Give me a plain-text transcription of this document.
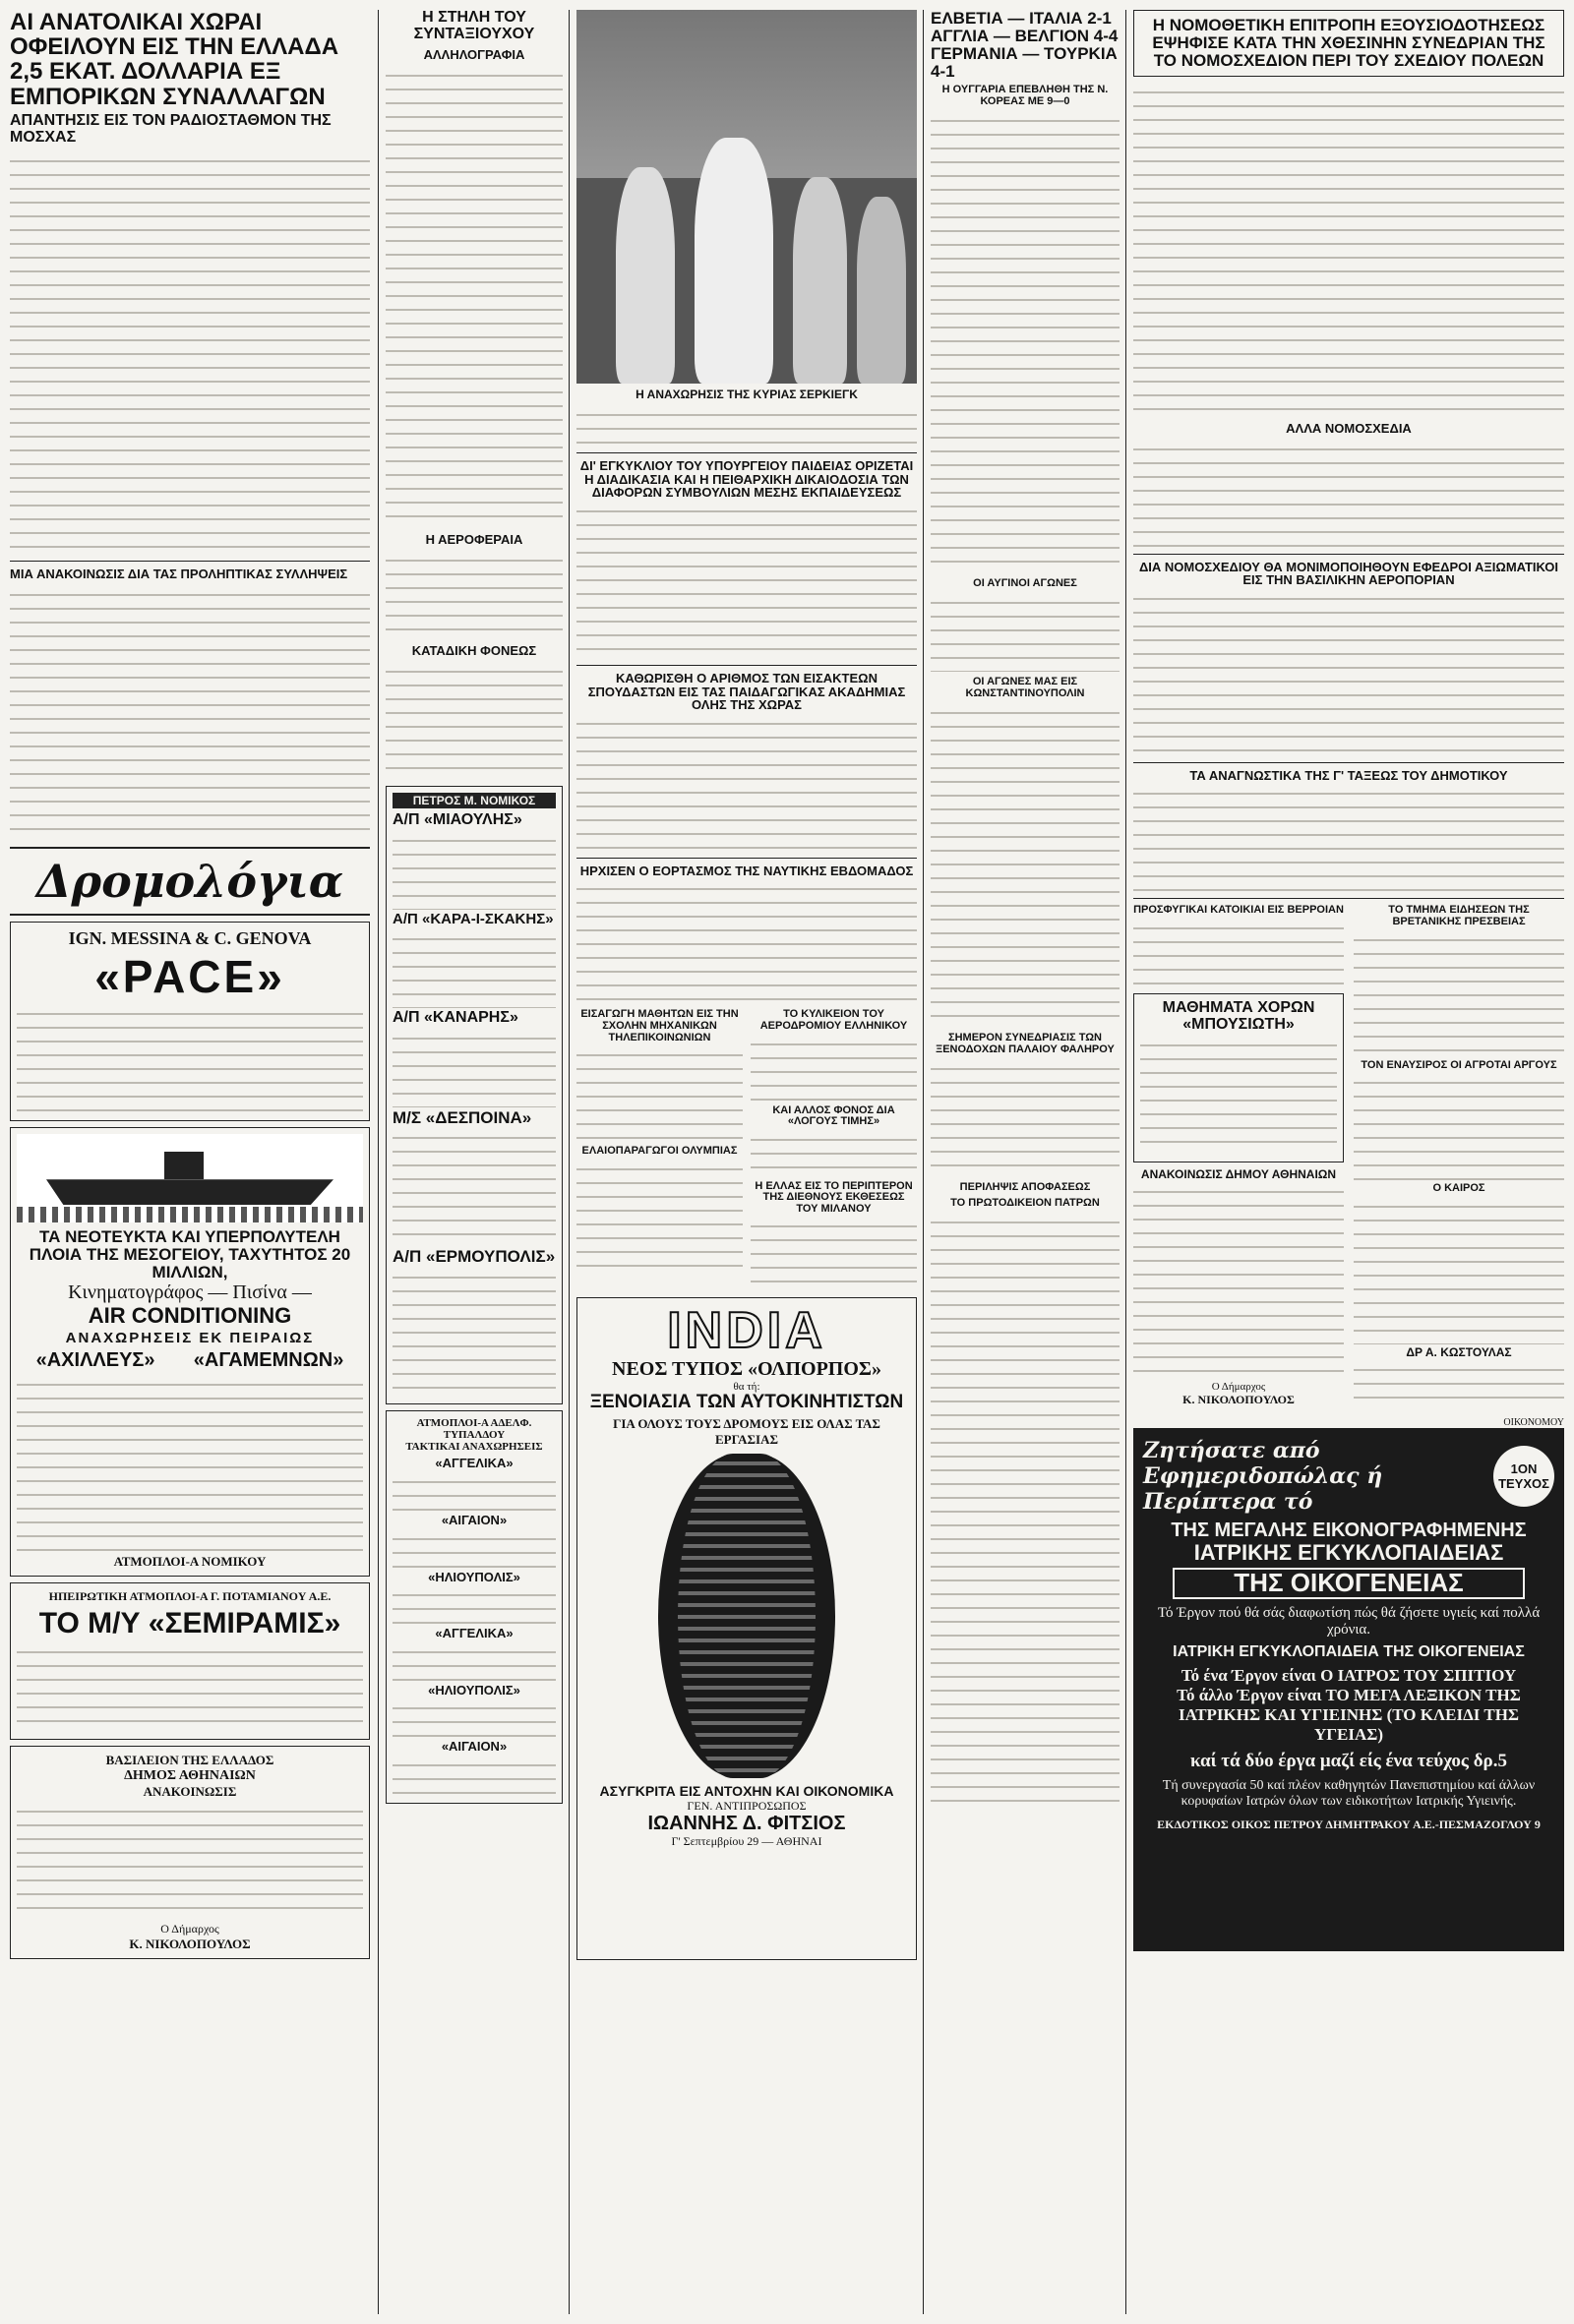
ΑΙ ΑΝΑΤΟΛΙΚΑΙ ΧΩΡΑΙ ΟΦΕΙΛΟΥΝ ΕΙΣ ΤΗΝ ΕΛΛΑΔΑ 2,5 ΕΚΑΤ. ΔΟΛΛΑΡΙΑ ΕΞ ΕΜΠΟΡΙΚΩΝ ΣΥΝΑΛΛΑΓΩΝ
ΑΠΑΝΤΗΣΙΣ ΕΙΣ ΤΟΝ ΡΑΔΙΟΣΤΑΘΜΟΝ ΤΗΣ ΜΟΣΧΑΣ
ΜΙΑ ΑΝΑΚΟΙΝΩΣΙΣ ΔΙΑ ΤΑΣ ΠΡΟΛΗΠΤΙΚΑΣ ΣΥΛΛΗΨΕΙΣ
Δρομολόγια
IGN. MESSINA & C. GENOVA
«PACE»
ΤΑ ΝΕΟΤΕΥΚΤΑ ΚΑΙ ΥΠΕΡΠΟΛΥΤΕΛΗ ΠΛΟΙΑ ΤΗΣ ΜΕΣΟΓΕΙΟΥ, ΤΑΧΥΤΗΤΟΣ 20 ΜΙΛΛΙΩΝ,
Κινηματογράφος — Πισίνα —
AIR CONDITIONING
ΑΝΑΧΩΡΗΣΕΙΣ ΕΚ ΠΕΙΡΑΙΩΣ
«ΑΧΙΛΛΕΥΣ» «ΑΓΑΜΕΜΝΩΝ»
ΑΤΜΟΠΛΟΙ-Α ΝΟΜΙΚΟΥ
ΗΠΕΙΡΩΤΙΚΗ ΑΤΜΟΠΛΟΙ-Α Γ. ΠΟΤΑΜΙΑΝΟΥ Α.Ε.
ΤΟ Μ/Υ «ΣΕΜΙΡΑΜΙΣ»
ΒΑΣΙΛΕΙΟΝ ΤΗΣ ΕΛΛΑΔΟΣ
ΔΗΜΟΣ ΑΘΗΝΑΙΩΝ
ΑΝΑΚΟΙΝΩΣΙΣ
Ο Δήμαρχος
Κ. ΝΙΚΟΛΟΠΟΥΛΟΣ
Η ΣΤΗΛΗ ΤΟΥ ΣΥΝΤΑΞΙΟΥΧΟΥ
ΑΛΛΗΛΟΓΡΑΦΙΑ
Η ΑΕΡΟΦΕΡΑΙΑ
ΚΑΤΑΔΙΚΗ ΦΟΝΕΩΣ
ΠΕΤΡΟΣ Μ. ΝΟΜΙΚΟΣ
Α/Π «ΜΙΑΟΥΛΗΣ»
Α/Π «ΚΑΡΑ-Ι-ΣΚΑΚΗΣ»
Α/Π «ΚΑΝΑΡΗΣ»
Μ/Σ «ΔΕΣΠΟΙΝΑ»
Α/Π «ΕΡΜΟΥΠΟΛΙΣ»
ΑΤΜΟΠΛΟΙ-Α ΑΔΕΛΦ. ΤΥΠΑΛΔΟΥ
ΤΑΚΤΙΚΑΙ ΑΝΑΧΩΡΗΣΕΙΣ
«ΑΓΓΕΛΙΚΑ»
«ΑΙΓΑΙΟΝ»
«ΗΛΙΟΥΠΟΛΙΣ»
«ΑΓΓΕΛΙΚΑ»
«ΗΛΙΟΥΠΟΛΙΣ»
«ΑΙΓΑΙΟΝ»
Η ΑΝΑΧΩΡΗΣΙΣ ΤΗΣ ΚΥΡΙΑΣ ΣΕΡΚΙΕΓΚ
ΔΙ' ΕΓΚΥΚΛΙΟΥ ΤΟΥ ΥΠΟΥΡΓΕΙΟΥ ΠΑΙΔΕΙΑΣ ΟΡΙΖΕΤΑΙ Η ΔΙΑΔΙΚΑΣΙΑ ΚΑΙ Η ΠΕΙΘΑΡΧΙΚΗ ΔΙΚΑΙΟΔΟΣΙΑ ΤΩΝ ΔΙΑΦΟΡΩΝ ΣΥΜΒΟΥΛΙΩΝ ΜΕΣΗΣ ΕΚΠΑΙΔΕΥΣΕΩΣ
ΚΑΘΩΡΙΣΘΗ Ο ΑΡΙΘΜΟΣ ΤΩΝ ΕΙΣΑΚΤΕΩΝ ΣΠΟΥΔΑΣΤΩΝ ΕΙΣ ΤΑΣ ΠΑΙΔΑΓΩΓΙΚΑΣ ΑΚΑΔΗΜΙΑΣ ΟΛΗΣ ΤΗΣ ΧΩΡΑΣ
ΗΡΧΙΣΕΝ Ο ΕΟΡΤΑΣΜΟΣ ΤΗΣ ΝΑΥΤΙΚΗΣ ΕΒΔΟΜΑΔΟΣ
ΕΙΣΑΓΩΓΗ ΜΑΘΗΤΩΝ ΕΙΣ ΤΗΝ ΣΧΟΛΗΝ ΜΗΧΑΝΙΚΩΝ ΤΗΛΕΠΙΚΟΙΝΩΝΙΩΝ
ΕΛΑΙΟΠΑΡΑΓΩΓΟΙ ΟΛΥΜΠΙΑΣ
ΤΟ ΚΥΛΙΚΕΙΟΝ ΤΟΥ ΑΕΡΟΔΡΟΜΙΟΥ ΕΛΛΗΝΙΚΟΥ
ΚΑΙ ΑΛΛΟΣ ΦΟΝΟΣ ΔΙΑ «ΛΟΓΟΥΣ ΤΙΜΗΣ»
Η ΕΛΛΑΣ ΕΙΣ ΤΟ ΠΕΡΙΠΤΕΡΟΝ ΤΗΣ ΔΙΕΘΝΟΥΣ ΕΚΘΕΣΕΩΣ ΤΟΥ ΜΙΛΑΝΟΥ
INDIA
ΝΕΟΣ ΤΥΠΟΣ «ΟΛΠΟΡΠΟΣ»
θα τή:
ΞΕΝΟΙΑΣΙΑ ΤΩΝ ΑΥΤΟΚΙΝΗΤΙΣΤΩΝ
ΓΙΑ ΟΛΟΥΣ ΤΟΥΣ ΔΡΟΜΟΥΣ ΕΙΣ ΟΛΑΣ ΤΑΣ ΕΡΓΑΣΙΑΣ
ΑΣΥΓΚΡΙΤΑ ΕΙΣ ΑΝΤΟΧΗΝ ΚΑΙ ΟΙΚΟΝΟΜΙΚΑ
ΓΕΝ. ΑΝΤΙΠΡΟΣΩΠΟΣ
ΙΩΑΝΝΗΣ Δ. ΦΙΤΣΙΟΣ
Γ' Σεπτεμβρίου 29 — ΑΘΗΝΑΙ
ΕΛΒΕΤΙΑ — ΙΤΑΛΙΑ 2-1
ΑΓΓΛΙΑ — ΒΕΛΓΙΟΝ 4-4
ΓΕΡΜΑΝΙΑ — ΤΟΥΡΚΙΑ 4-1
Η ΟΥΓΓΑΡΙΑ ΕΠΕΒΛΗΘΗ ΤΗΣ Ν. ΚΟΡΕΑΣ ΜΕ 9—0
ΟΙ ΑΥΓΙΝΟΙ ΑΓΩΝΕΣ
ΟΙ ΑΓΩΝΕΣ ΜΑΣ ΕΙΣ ΚΩΝΣΤΑΝΤΙΝΟΥΠΟΛΙΝ
ΣΗΜΕΡΟΝ ΣΥΝΕΔΡΙΑΣΙΣ ΤΩΝ ΞΕΝΟΔΟΧΩΝ ΠΑΛΑΙΟΥ ΦΑΛΗΡΟΥ
ΠΕΡΙΛΗΨΙΣ ΑΠΟΦΑΣΕΩΣ
ΤΟ ΠΡΩΤΟΔΙΚΕΙΟΝ ΠΑΤΡΩΝ
Η ΝΟΜΟΘΕΤΙΚΗ ΕΠΙΤΡΟΠΗ ΕΞΟΥΣΙΟΔΟΤΗΣΕΩΣ ΕΨΗΦΙΣΕ ΚΑΤΑ ΤΗΝ ΧΘΕΣΙΝΗΝ ΣΥΝΕΔΡΙΑΝ ΤΗΣ ΤΟ ΝΟΜΟΣΧΕΔΙΟΝ ΠΕΡΙ ΤΟΥ ΣΧΕΔΙΟΥ ΠΟΛΕΩΝ
ΑΛΛΑ ΝΟΜΟΣΧΕΔΙΑ
ΔΙΑ ΝΟΜΟΣΧΕΔΙΟΥ ΘΑ ΜΟΝΙΜΟΠΟΙΗΘΟΥΝ ΕΦΕΔΡΟΙ ΑΞΙΩΜΑΤΙΚΟΙ ΕΙΣ ΤΗΝ ΒΑΣΙΛΙΚΗΝ ΑΕΡΟΠΟΡΙΑΝ
ΤΑ ΑΝΑΓΝΩΣΤΙΚΑ ΤΗΣ Γ' ΤΑΞΕΩΣ ΤΟΥ ΔΗΜΟΤΙΚΟΥ
ΠΡΟΣΦΥΓΙΚΑΙ ΚΑΤΟΙΚΙΑΙ ΕΙΣ ΒΕΡΡΟΙΑΝ
ΜΑΘΗΜΑΤΑ ΧΟΡΩΝ «ΜΠΟΥΣΙΩΤΗ»
ΑΝΑΚΟΙΝΩΣΙΣ ΔΗΜΟΥ ΑΘΗΝΑΙΩΝ
Ο Δήμαρχος
Κ. ΝΙΚΟΛΟΠΟΥΛΟΣ
ΤΟ ΤΜΗΜΑ ΕΙΔΗΣΕΩΝ ΤΗΣ ΒΡΕΤΑΝΙΚΗΣ ΠΡΕΣΒΕΙΑΣ
ΤΟΝ ΕΝΑΥΣΙΡΟΣ ΟΙ ΑΓΡΟΤΑΙ ΑΡΓΟΥΣ
Ο ΚΑΙΡΟΣ
ΔΡ Α. ΚΩΣΤΟΥΛΑΣ
ΟΙΚΟΝΟΜΟΥ
Ζητήσατε από Εφημεριδοπώλας ή Περίπτερα τό
1ΟΝ ΤΕΥΧΟΣ
ΤΗΣ ΜΕΓΑΛΗΣ ΕΙΚΟΝΟΓΡΑΦΗΜΕΝΗΣ
ΙΑΤΡΙΚΗΣ ΕΓΚΥΚΛΟΠΑΙΔΕΙΑΣ
ΤΗΣ ΟΙΚΟΓΕΝΕΙΑΣ
Τό Έργον πού θά σάς διαφωτίση πώς θά ζήσετε υγιείς καί πολλά χρόνια.
ΙΑΤΡΙΚΗ ΕΓΚΥΚΛΟΠΑΙΔΕΙΑ ΤΗΣ ΟΙΚΟΓΕΝΕΙΑΣ
Τό ένα Έργον είναι Ο ΙΑΤΡΟΣ ΤΟΥ ΣΠΙΤΙΟΥ
Τό άλλο Έργον είναι ΤΟ ΜΕΓΑ ΛΕΞΙΚΟΝ ΤΗΣ ΙΑΤΡΙΚΗΣ ΚΑΙ ΥΓΙΕΙΝΗΣ (ΤΟ ΚΛΕΙΔΙ ΤΗΣ ΥΓΕΙΑΣ)
καί τά δύο έργα μαζί είς ένα τεύχος δρ.5
Τή συνεργασία 50 καί πλέον καθηγητών Πανεπιστημίου καί άλλων κορυφαίων Ιατρών όλων των ειδικοτήτων Ιατρικής Υγιεινής.
ΕΚΔΟΤΙΚΟΣ ΟΙΚΟΣ ΠΕΤΡΟΥ ΔΗΜΗΤΡΑΚΟΥ Α.Ε.-ΠΕΣΜΑΖΟΓΛΟΥ 9
